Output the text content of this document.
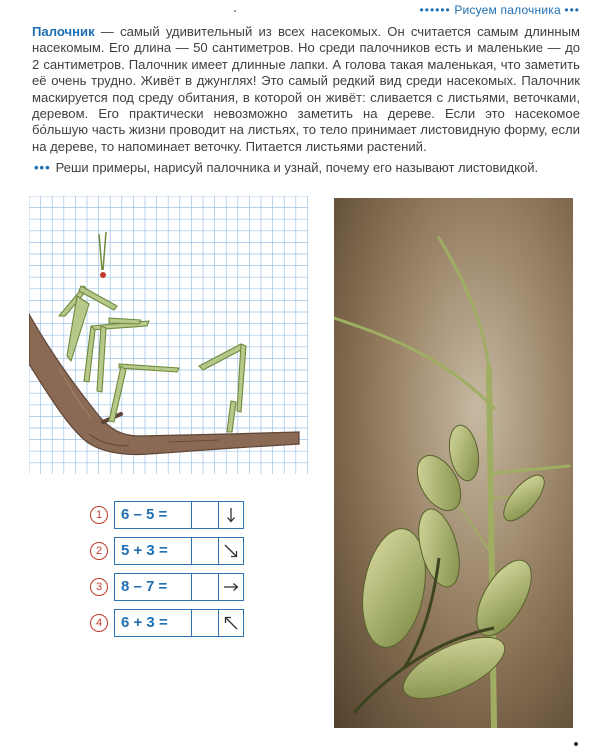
•••••• Рисуем палочника •••
Палочник — самый удивительный из всех насекомых. Он считается самым длинным насекомым. Его длина — 50 сантиметров. Но среди палочников есть и маленькие — до 2 сантиметров. Палочник имеет длинные лапки. А голова такая маленькая, что заметить её очень трудно. Живёт в джунглях! Это самый редкий вид среди насекомых. Палочник маскируется под среду обитания, в которой он живёт: сливается с листьями, веточками, деревом. Его практически невозможно заметить на дереве. Если это насекомое бо́льшую часть жизни проводит на листьях, то тело принимает листовидную форму, если на дереве, то напоминает веточку. Питается листьями растений.
••• Реши примеры, нарисуй палочника и узнай, почему его называют листовидкой.
1	6 – 5 =
2	5 + 3 =
3	8 – 7 =
4	6 + 3 =
